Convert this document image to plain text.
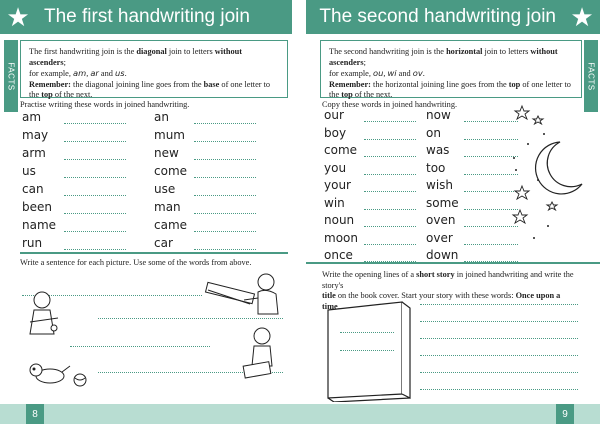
★ The first handwriting join
FACTS
The first handwriting join is the diagonal join to letters without ascenders;
for example, am, ar and us.
Remember: the diagonal joining line goes from the base of one letter to
the top of the next.
Practise writing these words in joined handwriting.
am
may
arm
us
can
been
name
run
an
mum
new
come
use
man
came
car
Write a sentence for each picture. Use some of the words from above.
8	9
The second handwriting join ★
The second handwriting join is the horizontal join to letters without ascenders;
for example, ou, wi and ov.
Remember: the horizontal joining line goes from the top of one letter to
the top of the next.
FACTS
Copy these words in joined handwriting.
our
boy
come
you
your
win
noun
moon
once
now
on
was
too
wish
some
oven
over
down
Write the opening lines of a short story in joined handwriting and write the story's
title on the book cover. Start your story with these words: Once upon a time…
